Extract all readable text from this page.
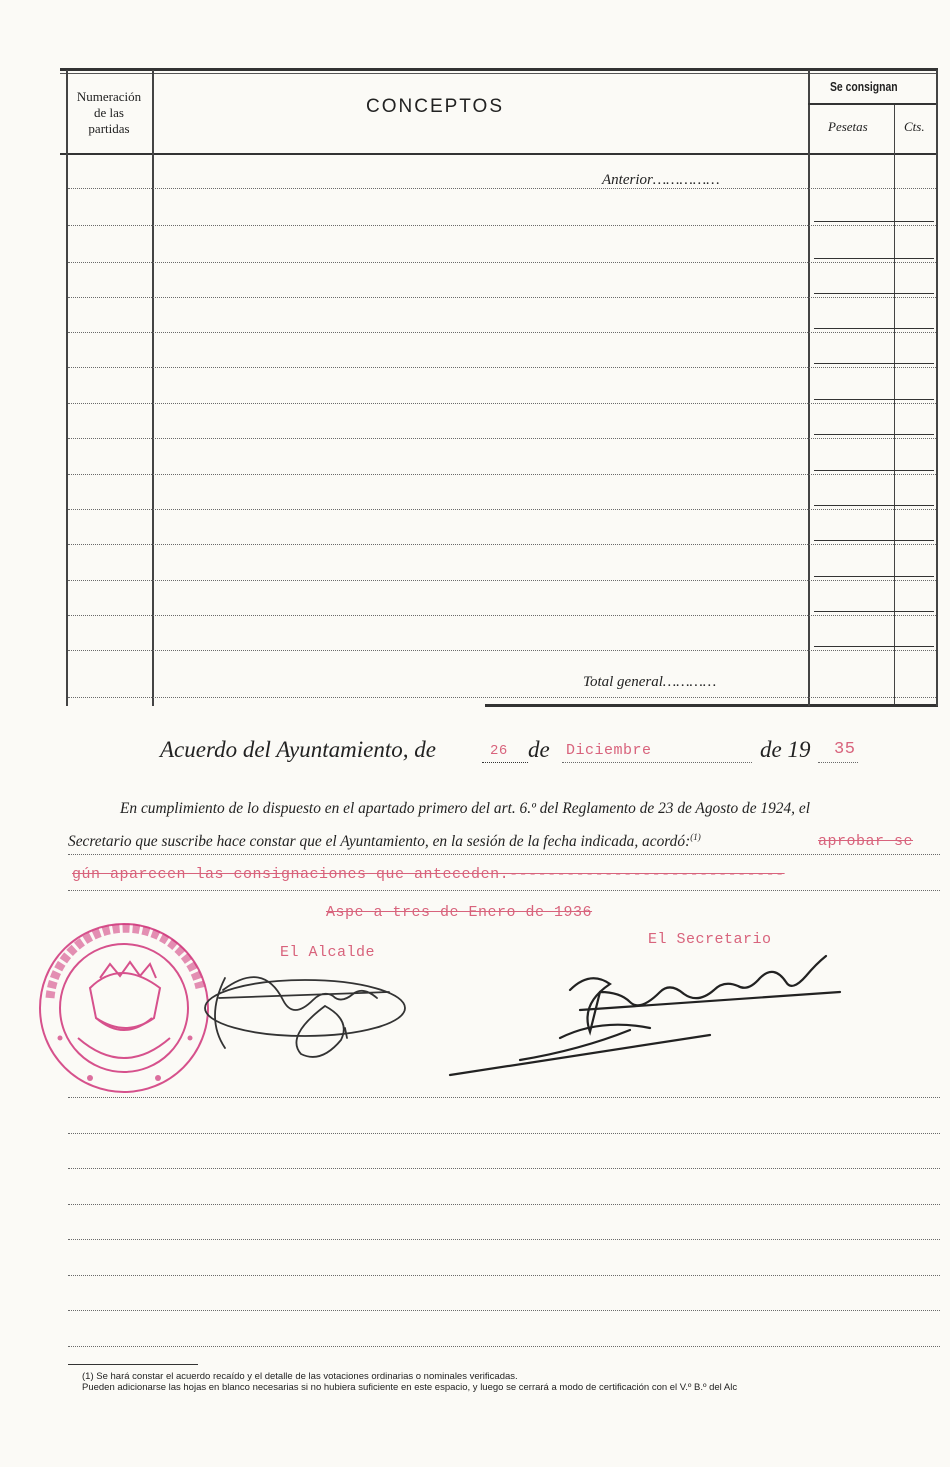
Numeración
de las
partidas
CONCEPTOS
Se consignan
Pesetas	Cts.
Anterior……………
Total general…………
Acuerdo del Ayuntamiento, de	26 de Diciembre	de 19 35
En cumplimiento de lo dispuesto en el apartado primero del art. 6.º del Reglamento de 23 de Agosto de 1924, el
Secretario que suscribe hace constar que el Ayuntamiento, en la sesión de la fecha indicada, acordó:$^{(1)}$	aprobar se
gún aparecen las consignaciones que anteceden.-----------------------------
Aspe a tres de Enero de 1936
El Secretario
El Alcalde
(1) Se hará constar el acuerdo recaído y el detalle de las votaciones ordinarias o nominales verificadas.
Pueden adicionarse las hojas en blanco necesarias si no hubiera suficiente en este espacio, y luego se cerrará a modo de certificación con el V.º B.º del Alc
